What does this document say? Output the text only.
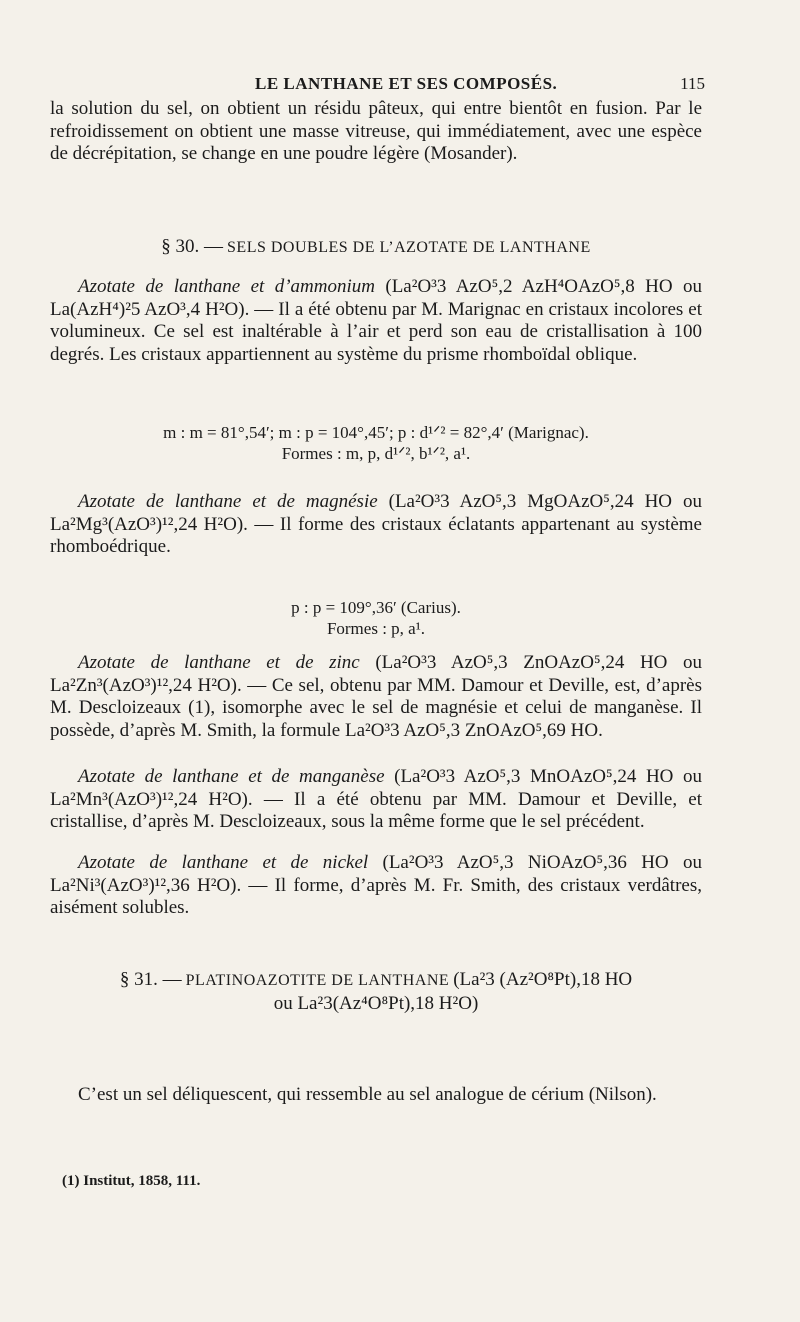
LE LANTHANE ET SES COMPOSÉS.	115

la solution du sel, on obtient un résidu pâteux, qui entre bientôt en fusion. Par le refroidissement on obtient une masse vitreuse, qui immédiatement, avec une espèce de décrépitation, se change en une poudre légère (Mosander).

§ 30. — SELS DOUBLES DE L’AZOTATE DE LANTHANE

Azotate de lanthane et d’ammonium (La²O³3 AzO⁵,2 AzH⁴OAzO⁵,8 HO ou La(AzH⁴)²5 AzO³,4 H²O). — Il a été obtenu par M. Marignac en cristaux incolores et volumineux. Ce sel est inaltérable à l’air et perd son eau de cristallisation à 100 degrés. Les cristaux appartiennent au système du prisme rhomboïdal oblique.

m : m = 81°,54′; m : p = 104°,45′; p : d¹ᐟ² = 82°,4′ (Marignac).
Formes : m, p, d¹ᐟ², b¹ᐟ², a¹.

Azotate de lanthane et de magnésie (La²O³3 AzO⁵,3 MgOAzO⁵,24 HO ou La²Mg³(AzO³)¹²,24 H²O). — Il forme des cristaux éclatants appartenant au système rhomboédrique.

p : p = 109°,36′ (Carius).
Formes : p, a¹.

Azotate de lanthane et de zinc (La²O³3 AzO⁵,3 ZnOAzO⁵,24 HO ou La²Zn³(AzO³)¹²,24 H²O). — Ce sel, obtenu par MM. Damour et Deville, est, d’après M. Descloizeaux (1), isomorphe avec le sel de magnésie et celui de manganèse. Il possède, d’après M. Smith, la formule La²O³3 AzO⁵,3 ZnOAzO⁵,69 HO.

Azotate de lanthane et de manganèse (La²O³3 AzO⁵,3 MnOAzO⁵,24 HO ou La²Mn³(AzO³)¹²,24 H²O). — Il a été obtenu par MM. Damour et Deville, et cristallise, d’après M. Descloizeaux, sous la même forme que le sel précédent.

Azotate de lanthane et de nickel (La²O³3 AzO⁵,3 NiOAzO⁵,36 HO ou La²Ni³(AzO³)¹²,36 H²O). — Il forme, d’après M. Fr. Smith, des cristaux verdâtres, aisément solubles.

§ 31. — PLATINOAZOTITE DE LANTHANE (La²3 (Az²O⁸Pt),18 HO
ou La²3(Az⁴O⁸Pt),18 H²O)

C’est un sel déliquescent, qui ressemble au sel analogue de cérium (Nilson).

(1) Institut, 1858, 111.
